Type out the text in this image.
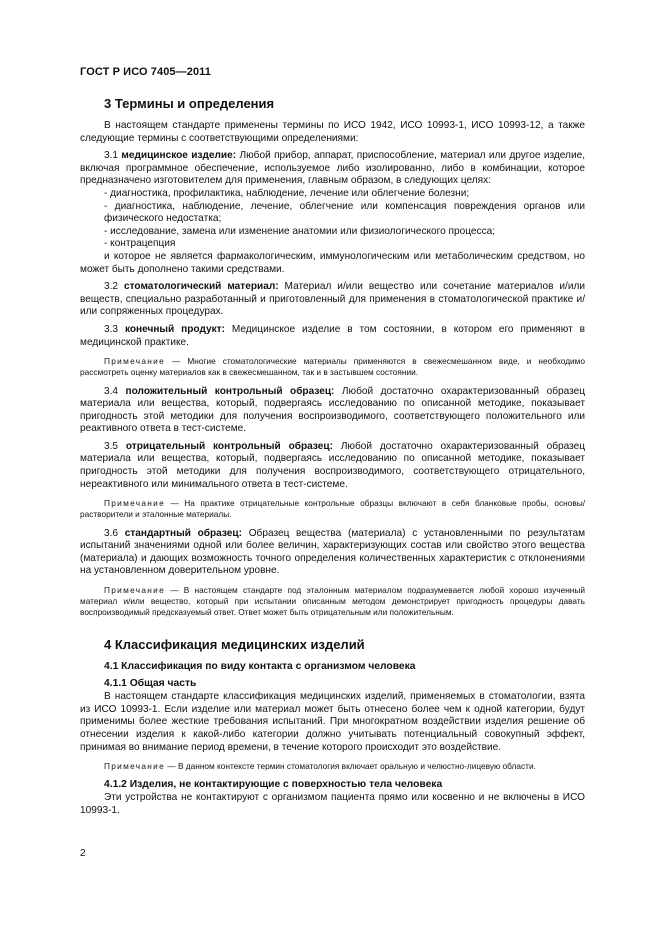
ГОСТ Р ИСО 7405—2011
3 Термины и определения

В настоящем стандарте применены термины по ИСО 1942, ИСО 10993-1, ИСО 10993-12, а также следующие термины с соответствующими определениями:

3.1 медицинское изделие: Любой прибор, аппарат, приспособление, материал или другое изделие, включая программное обеспечение, используемое либо изолированно, либо в комбинации, которое предназначено изготовителем для применения, главным образом, в следующих целях:

- диагностика, профилактика, наблюдение, лечение или облегчение болезни;

- диагностика, наблюдение, лечение, облегчение или компенсация повреждения органов или физического недостатка;

- исследование, замена или изменение анатомии или физиологического процесса;

- контрацепция

и которое не является фармакологическим, иммунологическим или метаболическим средством, но может быть дополнено такими средствами.

3.2 стоматологический материал: Материал и/или вещество или сочетание материалов и/или веществ, специально разработанный и приготовленный для применения в стоматологической практике и/или сопряженных процедурах.

3.3 конечный продукт: Медицинское изделие в том состоянии, в котором его применяют в медицинской практике.

Примечание — Многие стоматологические материалы применяются в свежесмешанном виде, и необходимо рассмотреть оценку материалов как в свежесмешанном, так и в застывшем состоянии.

3.4 положительный контрольный образец: Любой достаточно охарактеризованный образец материала или вещества, который, подвергаясь исследованию по описанной методике, показывает пригодность этой методики для получения воспроизводимого, соответствующего положительного или реактивного ответа в тест-системе.

3.5 отрицательный контрольный образец: Любой достаточно охарактеризованный образец материала или вещества, который, подвергаясь исследованию по описанной методике, показывает пригодность этой методики для получения воспроизводимого, соответствующего отрицательного, нереактивного или минимального ответа в тест-системе.

Примечание — На практике отрицательные контрольные образцы включают в себя бланковые пробы, основы/растворители и эталонные материалы.

3.6 стандартный образец: Образец вещества (материала) с установленными по результатам испытаний значениями одной или более величин, характеризующих состав или свойство этого вещества (материала) и дающих возможность точного определения количественных характеристик с отклонениями на установленном доверительном уровне.

Примечание — В настоящем стандарте под эталонным материалом подразумевается любой хорошо изученный материал и/или вещество, который при испытании описанным методом демонстрирует пригодность процедуры давать воспроизводимый предсказуемый ответ. Ответ может быть отрицательным или положительным.

4 Классификация медицинских изделий
4.1 Классификация по виду контакта с организмом человека
4.1.1 Общая часть

В настоящем стандарте классификация медицинских изделий, применяемых в стоматологии, взята из ИСО 10993-1. Если изделие или материал может быть отнесено более чем к одной категории, будут применимы более жесткие требования испытаний. При многократном воздействии изделия решение об отнесении изделия к какой-либо категории должно учитывать потенциальный совокупный эффект, принимая во внимание период времени, в течение которого происходит это воздействие.

Примечание — В данном контексте термин стоматология включает оральную и челюстно-лицевую области.

4.1.2 Изделия, не контактирующие с поверхностью тела человека

Эти устройства не контактируют с организмом пациента прямо или косвенно и не включены в ИСО 10993-1.

2
